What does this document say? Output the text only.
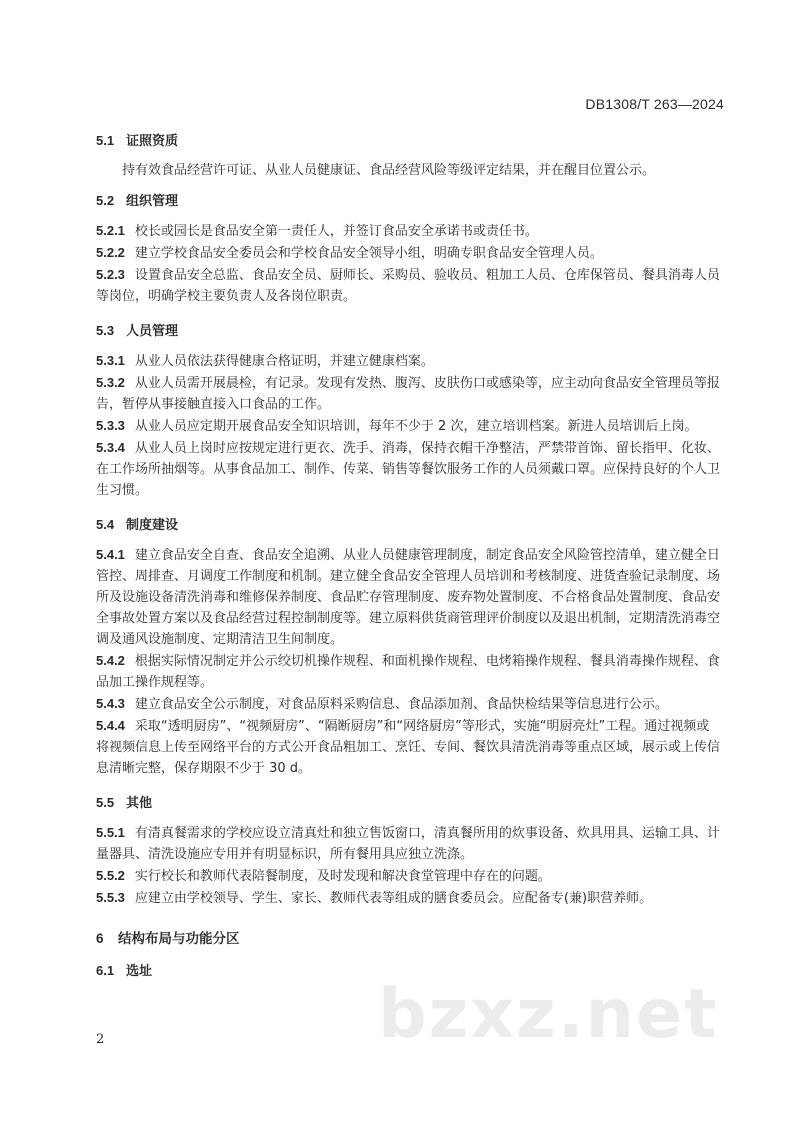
DB1308/T 263—2024
5.1 证照资质

持有效食品经营许可证、从业人员健康证、食品经营风险等级评定结果，并在醒目位置公示。

5.2 组织管理

5.2.1 校长或园长是食品安全第一责任人，并签订食品安全承诺书或责任书。

5.2.2 建立学校食品安全委员会和学校食品安全领导小组，明确专职食品安全管理人员。

5.2.3 设置食品安全总监、食品安全员、厨师长、采购员、验收员、粗加工人员、仓库保管员、餐具消毒人员等岗位，明确学校主要负责人及各岗位职责。

5.3 人员管理

5.3.1 从业人员依法获得健康合格证明，并建立健康档案。

5.3.2 从业人员需开展晨检，有记录。发现有发热、腹泻、皮肤伤口或感染等，应主动向食品安全管理员等报告，暂停从事接触直接入口食品的工作。

5.3.3 从业人员应定期开展食品安全知识培训，每年不少于 2 次，建立培训档案。新进人员培训后上岗。

5.3.4 从业人员上岗时应按规定进行更衣、洗手、消毒，保持衣帽干净整洁，严禁带首饰、留长指甲、化妆、在工作场所抽烟等。从事食品加工、制作、传菜、销售等餐饮服务工作的人员须戴口罩。应保持良好的个人卫生习惯。

5.4 制度建设

5.4.1 建立食品安全自查、食品安全追溯、从业人员健康管理制度，制定食品安全风险管控清单，建立健全日管控、周排查、月调度工作制度和机制。建立健全食品安全管理人员培训和考核制度、进货查验记录制度、场所及设施设备清洗消毒和维修保养制度、食品贮存管理制度、废弃物处置制度、不合格食品处置制度、食品安全事故处置方案以及食品经营过程控制制度等。建立原料供货商管理评价制度以及退出机制，定期清洗消毒空调及通风设施制度、定期清洁卫生间制度。

5.4.2 根据实际情况制定并公示绞切机操作规程、和面机操作规程、电烤箱操作规程、餐具消毒操作规程、食品加工操作规程等。

5.4.3 建立食品安全公示制度，对食品原料采购信息、食品添加剂、食品快检结果等信息进行公示。

5.4.4 采取“透明厨房”、“视频厨房”、“隔断厨房”和“网络厨房”等形式，实施“明厨亮灶”工程。通过视频或将视频信息上传至网络平台的方式公开食品粗加工、烹饪、专间、餐饮具清洗消毒等重点区域，展示或上传信息清晰完整，保存期限不少于 30 d。

5.5 其他

5.5.1 有清真餐需求的学校应设立清真灶和独立售饭窗口，清真餐所用的炊事设备、炊具用具、运输工具、计量器具、清洗设施应专用并有明显标识，所有餐用具应独立洗涤。

5.5.2 实行校长和教师代表陪餐制度，及时发现和解决食堂管理中存在的问题。

5.5.3 应建立由学校领导、学生、家长、教师代表等组成的膳食委员会。应配备专(兼)职营养师。

6 结构布局与功能分区
6.1 选址
bzxz.net
2
